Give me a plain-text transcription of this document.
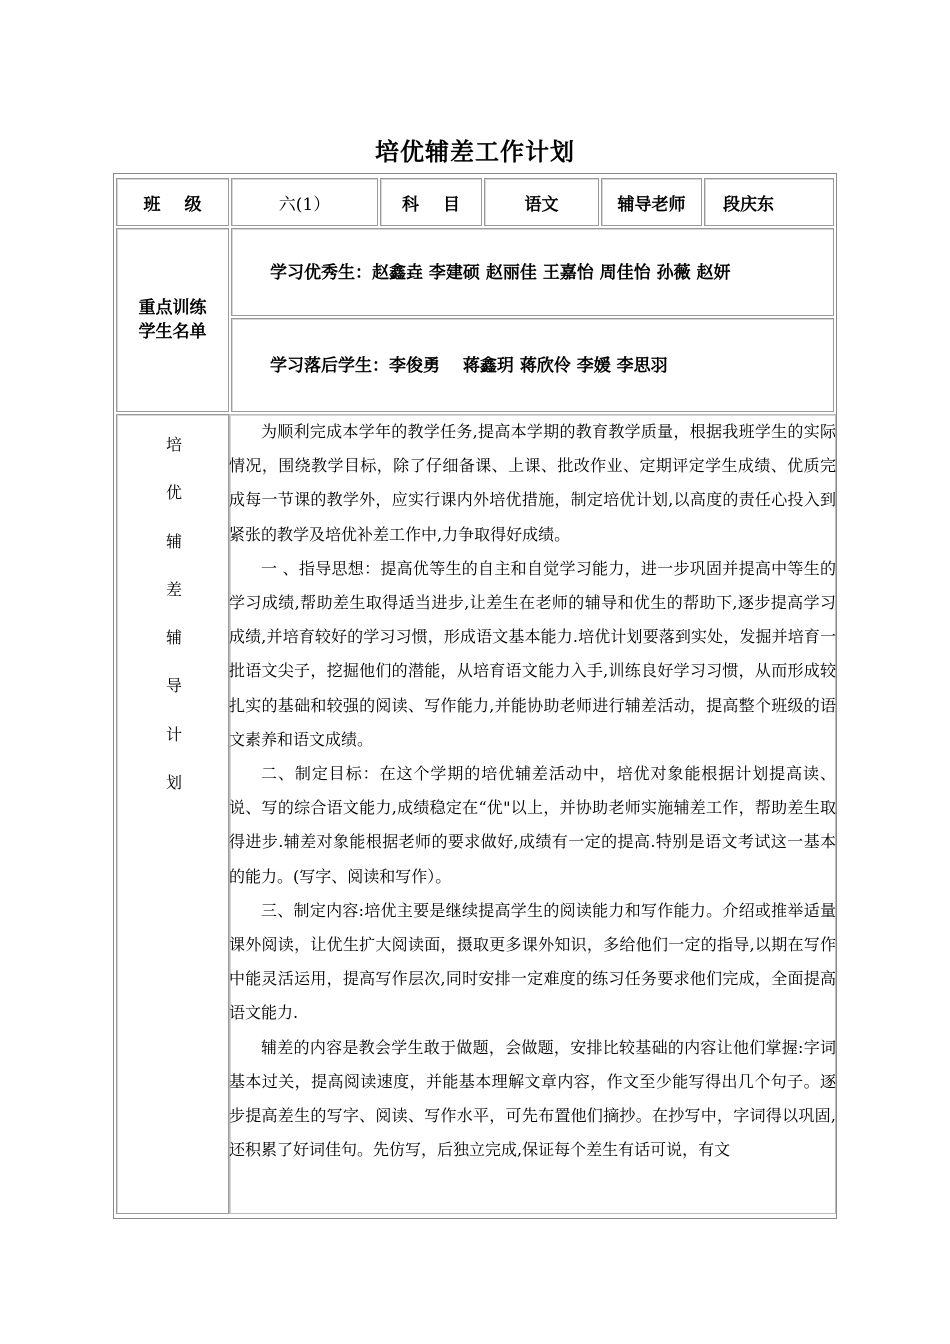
培优辅差工作计划
班 级	六(1）	科 目	语文	辅导老师 段庆东
重点训练
学生名单
学习优秀生：赵鑫垚 李建硕 赵丽佳 王嘉怡 周佳怡 孙薇 赵妍
学习落后学生：李俊勇　 蒋鑫玥 蒋欣伶 李媛 李思羽
培
优
辅
差
辅
导
计
划

为顺利完成本学年的教学任务,提高本学期的教育教学质量，根据我班学生的实际情况，围绕教学目标，除了仔细备课、上课、批改作业、定期评定学生成绩、优质完成每一节课的教学外，应实行课内外培优措施，制定培优计划,以高度的责任心投入到紧张的教学及培优补差工作中,力争取得好成绩。

一 、指导思想：提高优等生的自主和自觉学习能力，进一步巩固并提高中等生的学习成绩,帮助差生取得适当进步,让差生在老师的辅导和优生的帮助下,逐步提高学习成绩,并培育较好的学习习惯，形成语文基本能力.培优计划要落到实处，发掘并培育一批语文尖子，挖掘他们的潜能，从培育语文能力入手,训练良好学习习惯，从而形成较扎实的基础和较强的阅读、写作能力,并能协助老师进行辅差活动，提高整个班级的语文素养和语文成绩。

二、制定目标：在这个学期的培优辅差活动中，培优对象能根据计划提高读、说、写的综合语文能力,成绩稳定在“优"以上，并协助老师实施辅差工作，帮助差生取得进步.辅差对象能根据老师的要求做好,成绩有一定的提高.特别是语文考试这一基本的能力。(写字、阅读和写作）。

三、制定内容:培优主要是继续提高学生的阅读能力和写作能力。介绍或推举适量课外阅读，让优生扩大阅读面，摄取更多课外知识，多给他们一定的指导,以期在写作中能灵活运用，提高写作层次,同时安排一定难度的练习任务要求他们完成，全面提高语文能力.

辅差的内容是教会学生敢于做题，会做题，安排比较基础的内容让他们掌握:字词基本过关，提高阅读速度，并能基本理解文章内容，作文至少能写得出几个句子。逐步提高差生的写字、阅读、写作水平，可先布置他们摘抄。在抄写中，字词得以巩固,还积累了好词佳句。先仿写，后独立完成,保证每个差生有话可说，有文
